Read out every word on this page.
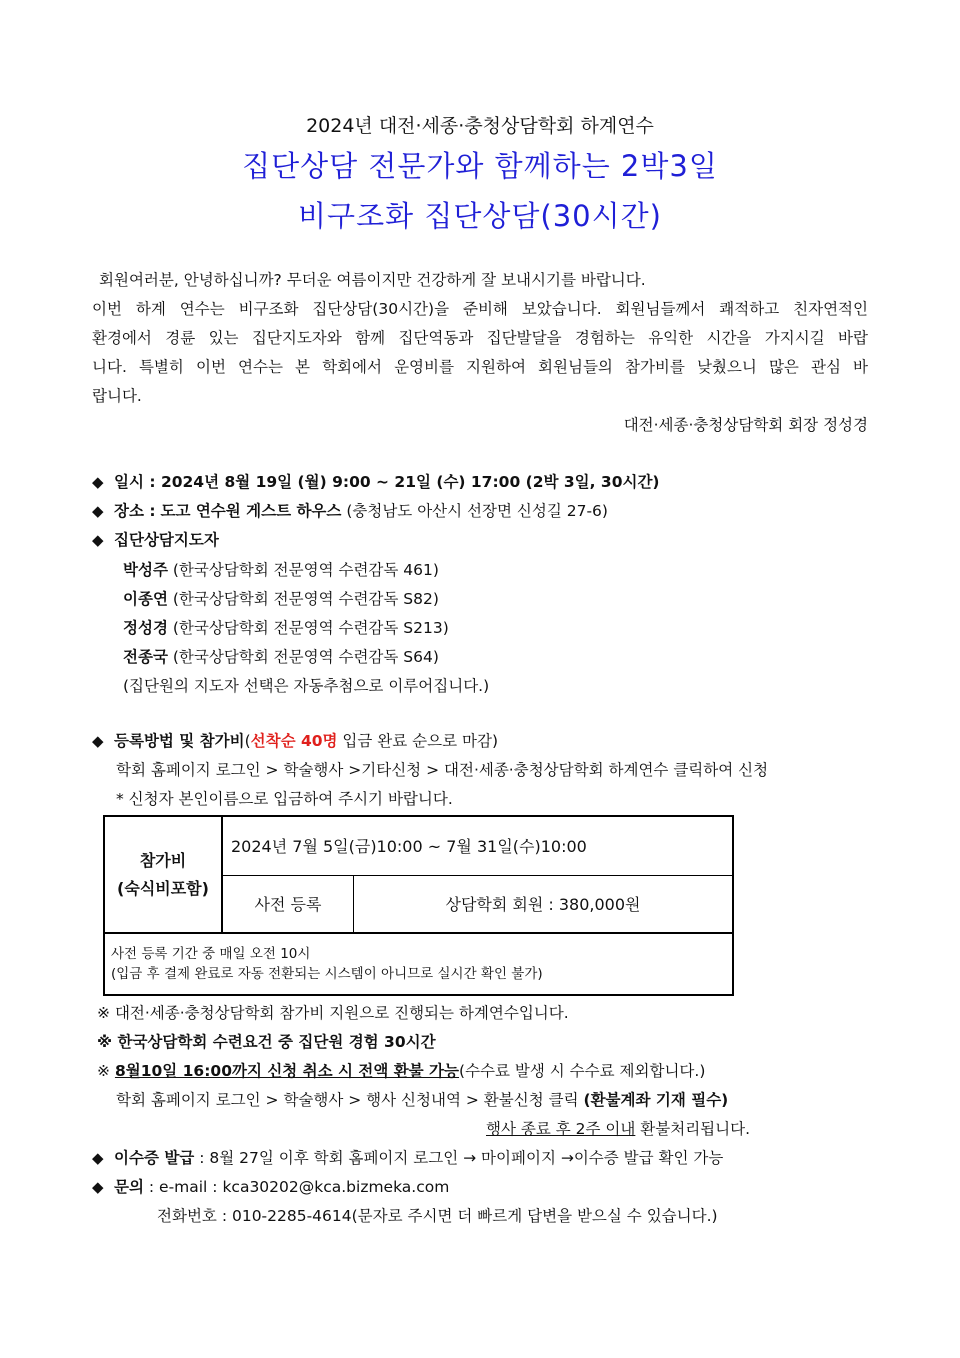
2024년 대전·세종·충청상담학회 하계연수
집단상담 전문가와 함께하는 2박3일
비구조화 집단상담(30시간)
회원여러분, 안녕하십니까? 무더운 여름이지만 건강하게 잘 보내시기를 바랍니다.
이번 하계 연수는 비구조화 집단상담(30시간)을 준비해 보았습니다. 회원님들께서 쾌적하고 친자연적인
환경에서 경륜 있는 집단지도자와 함께 집단역동과 집단발달을 경험하는 유익한 시간을 가지시길 바랍
니다. 특별히 이번 연수는 본 학회에서 운영비를 지원하여 회원님들의 참가비를 낮췄으니 많은 관심 바
랍니다.
대전·세종·충청상담학회 회장 정성경
◆ 일시 : 2024년 8월 19일 (월) 9:00 ~ 21일 (수) 17:00 (2박 3일, 30시간)
◆ 장소 : 도고 연수원 게스트 하우스 (충청남도 아산시 선장면 신성길 27-6)
◆ 집단상담지도자
박성주 (한국상담학회 전문영역 수련감독 461)
이종연 (한국상담학회 전문영역 수련감독 S82)
정성경 (한국상담학회 전문영역 수련감독 S213)
전종국 (한국상담학회 전문영역 수련감독 S64)
(집단원의 지도자 선택은 자동추첨으로 이루어집니다.)
◆ 등록방법 및 참가비(선착순 40명 입금 완료 순으로 마감)
학회 홈페이지 로그인 > 학술행사 >기타신청 > 대전·세종·충청상담학회 하계연수 클릭하여 신청
* 신청자 본인이름으로 입금하여 주시기 바랍니다.
참가비
(숙식비포함)	2024년 7월 5일(금)10:00 ~ 7월 31일(수)10:00	
	사전 등록	상담학회 회원 : 380,000원

사전 등록 기간 중 매일 오전 10시
(입금 후 결제 완료로 자동 전환되는 시스템이 아니므로 실시간 확인 불가)		
※ 대전·세종·충청상담학회 참가비 지원으로 진행되는 하계연수입니다.
※ 한국상담학회 수련요건 중 집단원 경험 30시간
※ 8월10일 16:00까지 신청 취소 시 전액 환불 가능(수수료 발생 시 수수료 제외합니다.)
학회 홈페이지 로그인 > 학술행사 > 행사 신청내역 > 환불신청 클릭 (환불계좌 기재 필수)
행사 종료 후 2주 이내 환불처리됩니다.
◆ 이수증 발급 : 8월 27일 이후 학회 홈페이지 로그인 → 마이페이지 →이수증 발급 확인 가능
◆ 문의 : e-mail : kca30202@kca.bizmeka.com
전화번호 : 010-2285-4614(문자로 주시면 더 빠르게 답변을 받으실 수 있습니다.)
